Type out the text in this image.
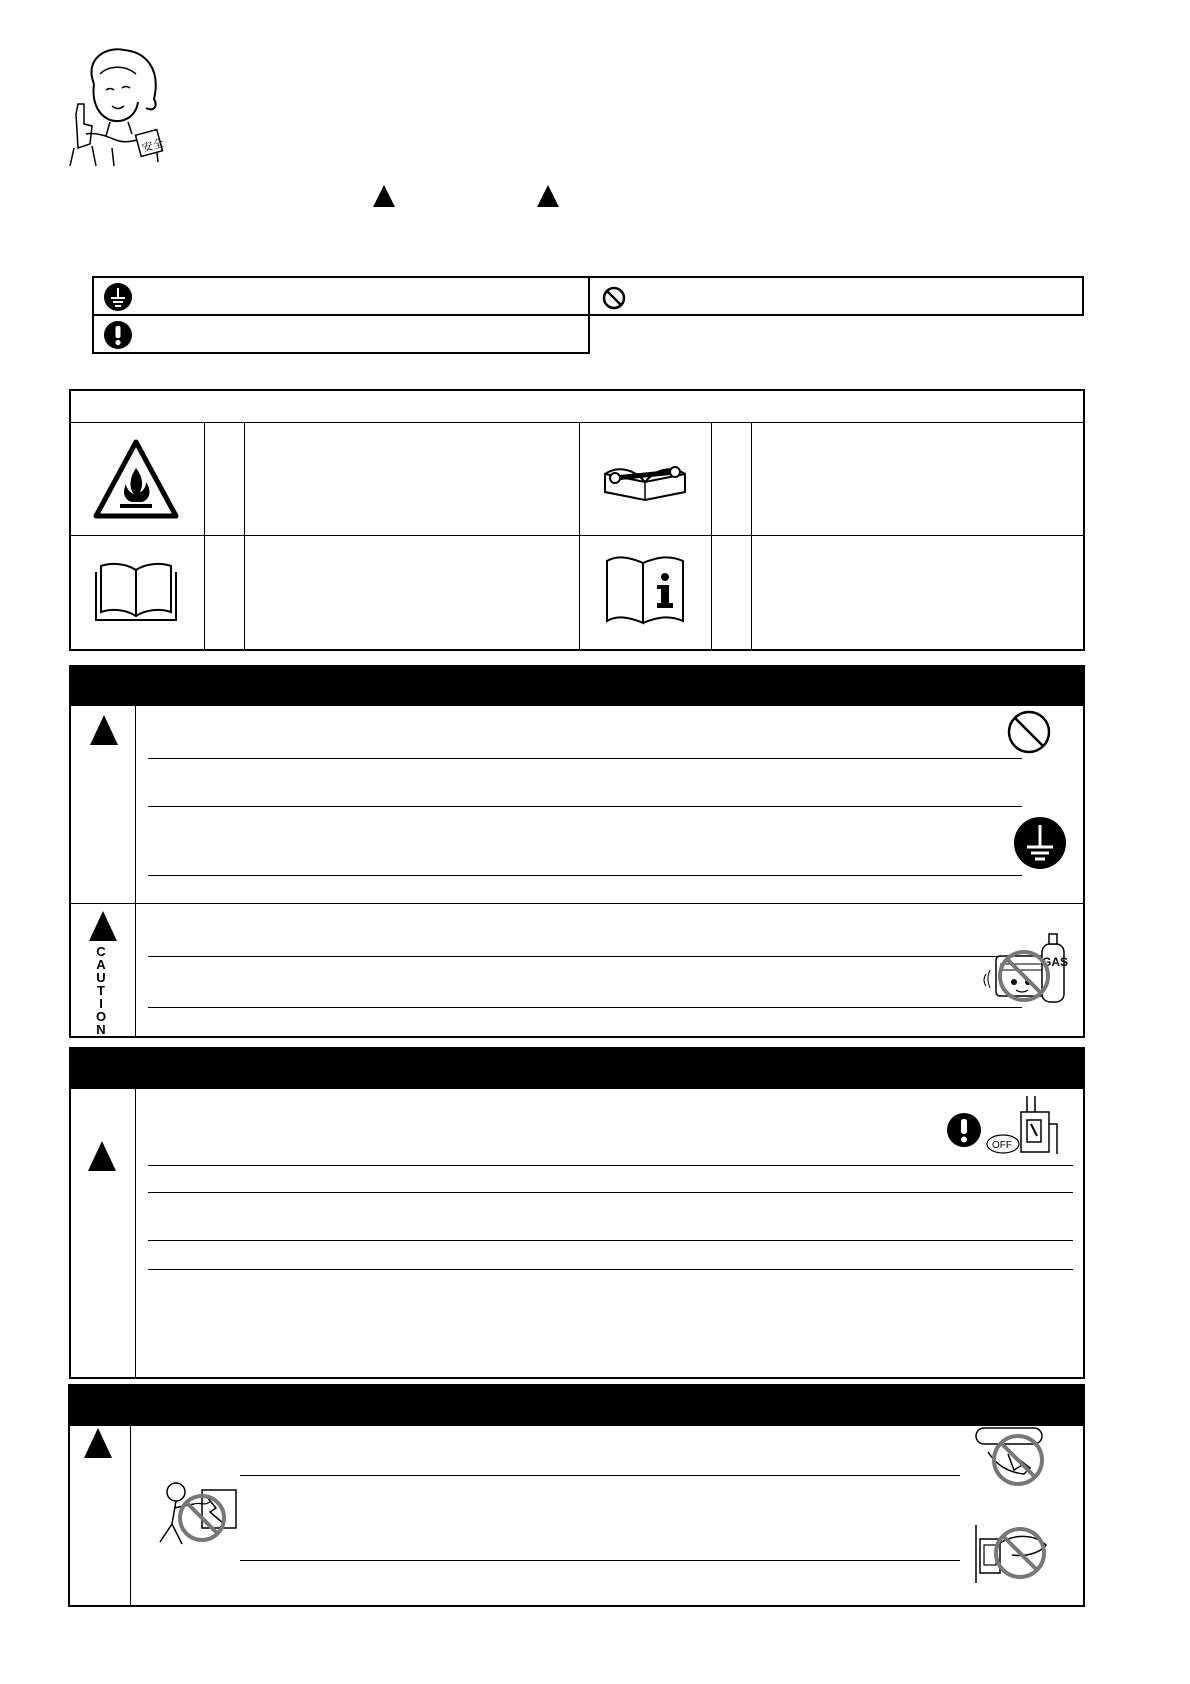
安全
C
A
U
T
I
O
N
GAS
OFF
